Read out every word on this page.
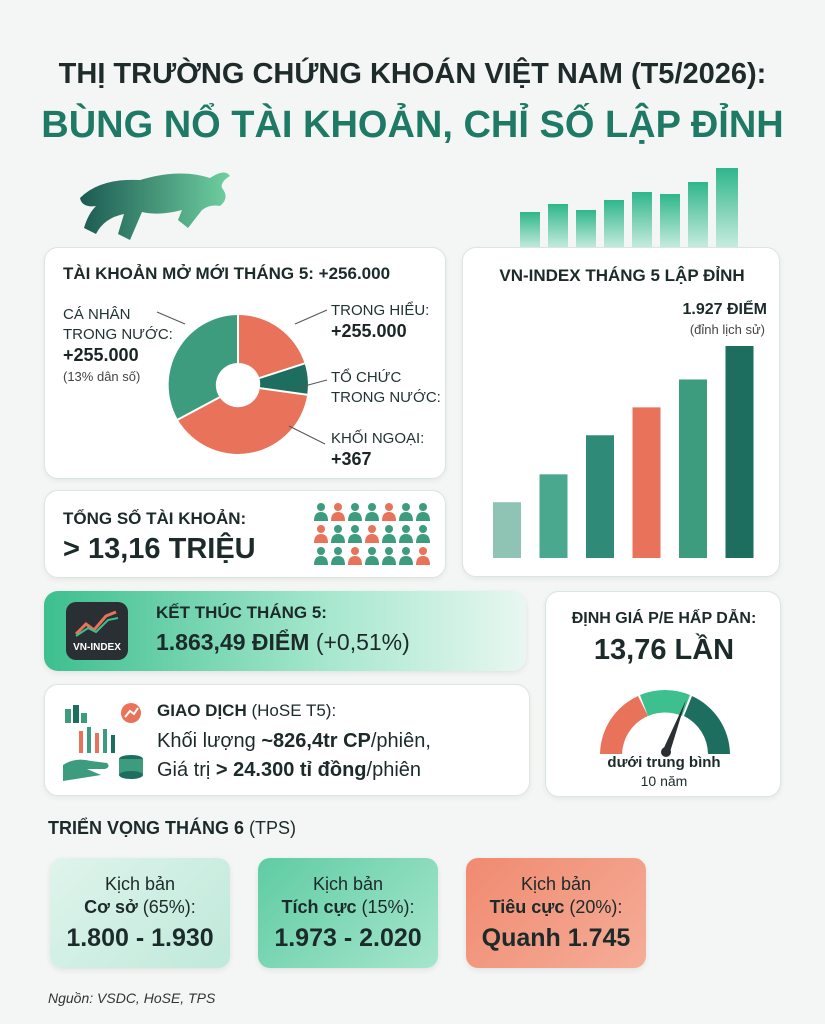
THỊ TRƯỜNG CHỨNG KHOÁN VIỆT NAM (T5/2026):
BÙNG NỔ TÀI KHOẢN, CHỈ SỐ LẬP ĐỈNH
TÀI KHOẢN MỞ MỚI THÁNG 5: +256.000
CÁ NHÂN
TRONG NƯỚC:
+255.000
(13% dân số)
TRONG HIỂU:
+255.000
TỔ CHỨC
TRONG NƯỚC:
KHỐI NGOẠI:
+367
TỔNG SỐ TÀI KHOẢN:
> 13,16 TRIỆU
VN-INDEX THÁNG 5 LẬP ĐỈNH
1.927 ĐIỂM
(đỉnh lịch sử)
VN-INDEX
KẾT THÚC THÁNG 5:
1.863,49 ĐIỂM (+0,51%)
ĐỊNH GIÁ P/E HẤP DẪN:
13,76 LẦN
dưới trung bình
10 năm
GIAO DỊCH (HoSE T5):
Khối lượng ~826,4tr CP/phiên,
Giá trị > 24.300 tỉ đồng/phiên
TRIỂN VỌNG THÁNG 6 (TPS)
Kịch bản
Cơ sở (65%):
1.800 - 1.930
Kịch bản
Tích cực (15%):
1.973 - 2.020
Kịch bản
Tiêu cực (20%):
Quanh 1.745
Nguồn: VSDC, HoSE, TPS
